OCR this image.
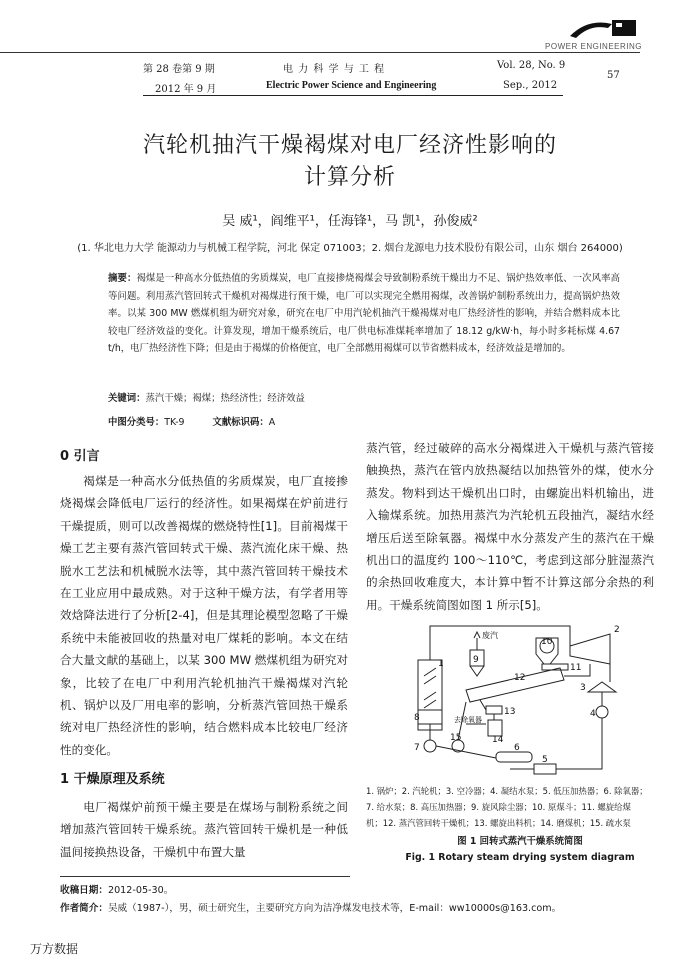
POWER ENGINEERING
第 28 卷第 9 期
2012 年 9 月
电 力 科 学 与 工 程
Electric Power Science and Engineering
Vol. 28, No. 9
Sep., 2012
57
汽轮机抽汽干燥褐煤对电厂经济性影响的
计算分析
吴 威¹，阎维平¹，任海锋¹，马 凯¹，孙俊威²
(1. 华北电力大学 能源动力与机械工程学院，河北 保定 071003；2. 烟台龙源电力技术股份有限公司，山东 烟台 264000)
摘要：褐煤是一种高水分低热值的劣质煤炭，电厂直接掺烧褐煤会导致制粉系统干燥出力不足、锅炉热效率低、一次风率高等问题。利用蒸汽管回转式干燥机对褐煤进行预干燥，电厂可以实现完全燃用褐煤，改善锅炉制粉系统出力，提高锅炉热效率。以某 300 MW 燃煤机组为研究对象，研究在电厂中用汽轮机抽汽干燥褐煤对电厂热经济性的影响，并结合燃料成本比较电厂经济效益的变化。计算发现，增加干燥系统后，电厂供电标准煤耗率增加了 18.12 g/kW·h，每小时多耗标煤 4.67 t/h，电厂热经济性下降；但是由于褐煤的价格便宜，电厂全部燃用褐煤可以节省燃料成本，经济效益是增加的。
关键词：蒸汽干燥；褐煤；热经济性；经济效益
中图分类号：TK-9	文献标识码：A
0 引言

褐煤是一种高水分低热值的劣质煤炭，电厂直接掺烧褐煤会降低电厂运行的经济性。如果褐煤在炉前进行干燥提质，则可以改善褐煤的燃烧特性[1]。目前褐煤干燥工艺主要有蒸汽管回转式干燥、蒸汽流化床干燥、热脱水工艺法和机械脱水法等，其中蒸汽管回转干燥技术在工业应用中最成熟。对于这种干燥方法，有学者用等效焓降法进行了分析[2-4]，但是其理论模型忽略了干燥系统中未能被回收的热量对电厂煤耗的影响。本文在结合大量文献的基础上，以某 300 MW 燃煤机组为研究对象，比较了在电厂中利用汽轮机抽汽干燥褐煤对汽轮机、锅炉以及厂用电率的影响，分析蒸汽管回热干燥系统对电厂热经济性的影响，结合燃料成本比较电厂经济性的变化。

1 干燥原理及系统

电厂褐煤炉前预干燥主要是在煤场与制粉系统之间增加蒸汽管回转干燥系统。蒸汽管回转干燥机是一种低温间接换热设备，干燥机中布置大量

蒸汽管，经过破碎的高水分褐煤进入干燥机与蒸汽管接触换热，蒸汽在管内放热凝结以加热管外的煤，使水分蒸发。物料到达干燥机出口时，由螺旋出料机输出，进入输煤系统。加热用蒸汽为汽轮机五段抽汽，凝结水经增压后送至除氧器。褐煤中水分蒸发产生的蒸汽在干燥机出口的温度约 100～110℃，考虑到这部分脏湿蒸汽的余热回收难度大，本计算中暂不计算这部分余热的利用。干燥系统简图如图 1 所示[5]。

1
2
3
4
5
6
7
8
9
10
11
12
13
14
15
废汽
去除氧器
1. 锅炉；2. 汽轮机；3. 空冷器；4. 凝结水泵；5. 低压加热器；6. 除氧器；
7. 给水泵；8. 高压加热器；9. 旋风除尘器；10. 原煤斗；11. 螺旋给煤
机；12. 蒸汽管回转干燥机；13. 螺旋出料机；14. 磨煤机；15. 疏水泵
图 1 回转式蒸汽干燥系统简图
Fig. 1 Rotary steam drying system diagram
收稿日期：2012-05-30。
作者简介：吴威（1987-），男，硕士研究生，主要研究方向为洁净煤发电技术等，E-mail：ww10000s@163.com。
万方数据
